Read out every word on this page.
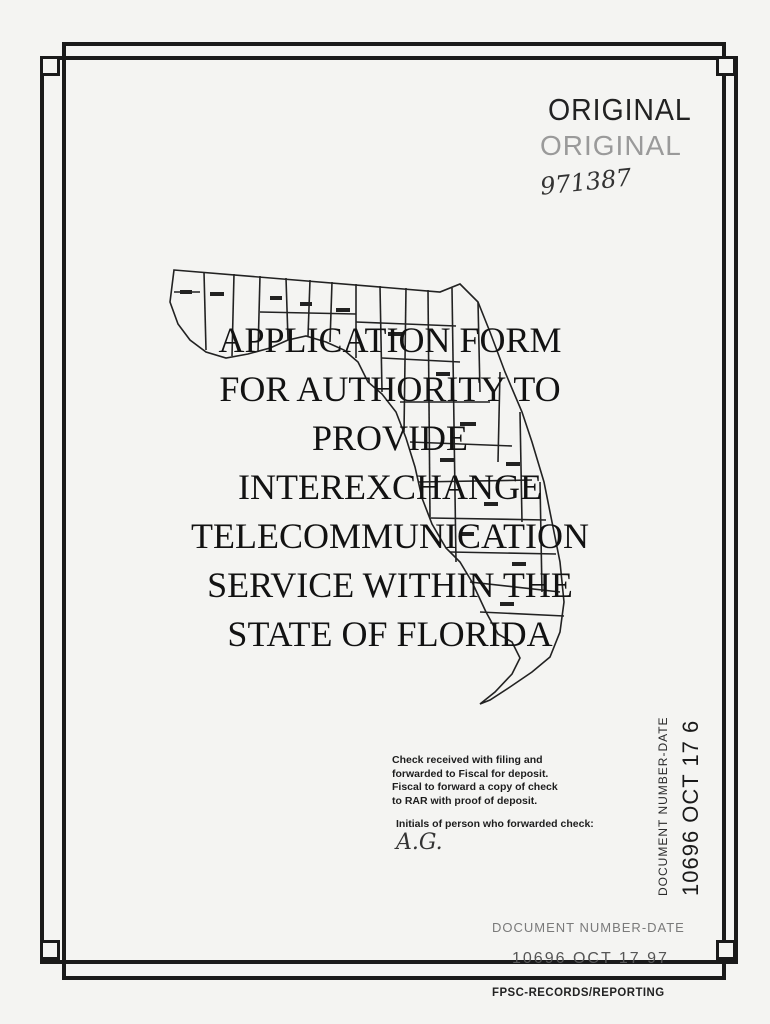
ORIGINAL
ORIGINAL
971387
APPLICATION FORM
FOR AUTHORITY TO
PROVIDE
INTEREXCHANGE
TELECOMMUNICATION
SERVICE WITHIN THE
STATE OF FLORIDA
Check received with filing and
forwarded to Fiscal for deposit.
Fiscal to forward a copy of check
to RAR with proof of deposit.
Initials of person who forwarded check:
A.G.	DOCUMENT NUMBER-DATE 10696 OCT 17 6
DOCUMENT NUMBER-DATE
10696 OCT 17 97
FPSC-RECORDS/REPORTING
